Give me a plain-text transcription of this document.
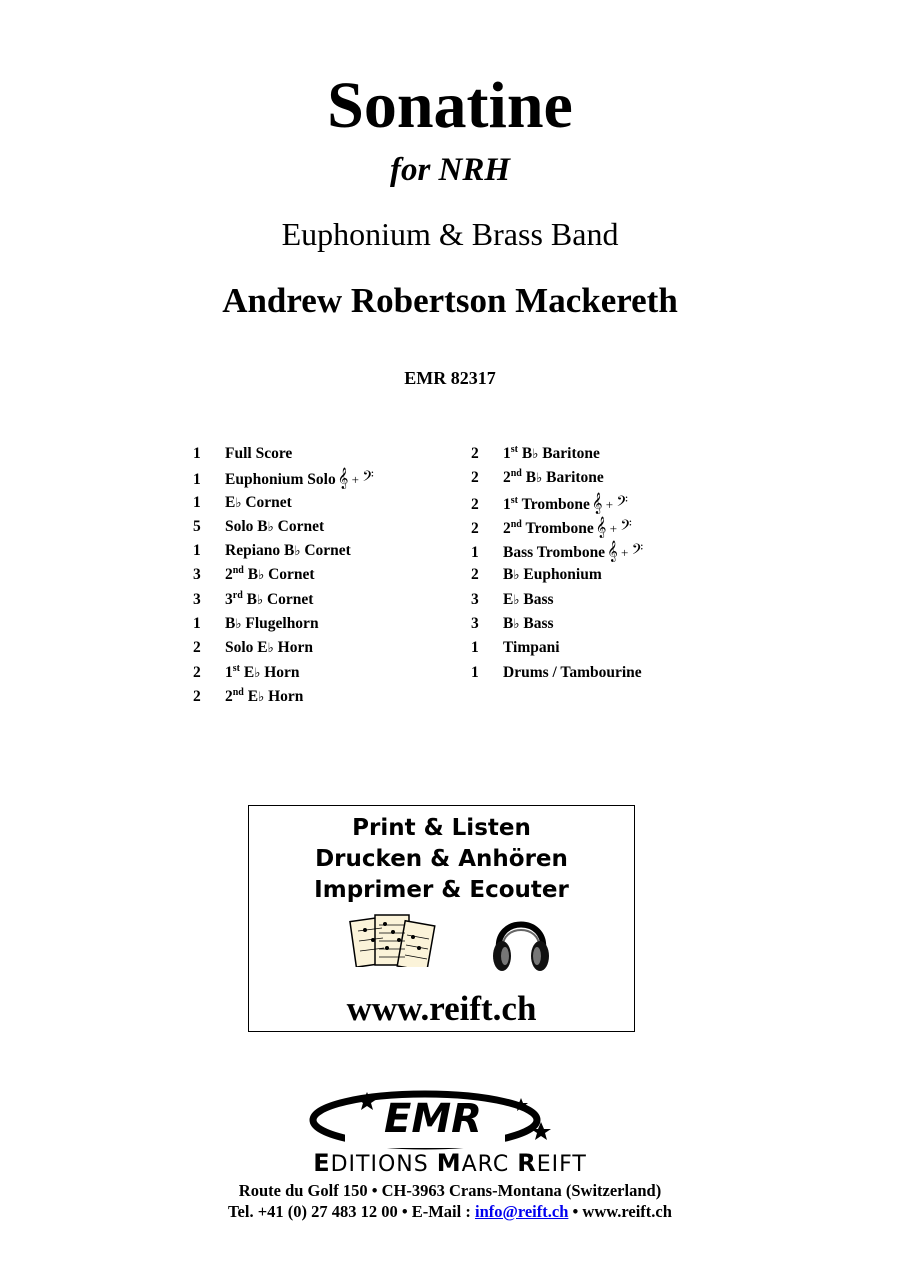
Sonatine
for NRH
Euphonium & Brass Band
Andrew Robertson Mackereth
EMR 82317
1 Full Score
1 Euphonium Solo 𝄞 + 𝄢
1 E♭ Cornet
5 Solo B♭ Cornet
1 Repiano B♭ Cornet
3 2nd B♭ Cornet
3 3rd B♭ Cornet
1 B♭ Flugelhorn
2 Solo E♭ Horn
2 1st E♭ Horn
2 2nd E♭ Horn
2 1st B♭ Baritone
2 2nd B♭ Baritone
2 1st Trombone 𝄞 + 𝄢
2 2nd Trombone 𝄞 + 𝄢
1 Bass Trombone 𝄞 + 𝄢
2 B♭ Euphonium
3 E♭ Bass
3 B♭ Bass
1 Timpani
1 Drums / Tambourine
Print & Listen
Drucken & Anhören
Imprimer & Ecouter
www.reift.ch
EMR
EDITIONS MARC REIFT
Route du Golf 150 • CH-3963 Crans-Montana (Switzerland)
Tel. +41 (0) 27 483 12 00 • E-Mail : info@reift.ch • www.reift.ch
